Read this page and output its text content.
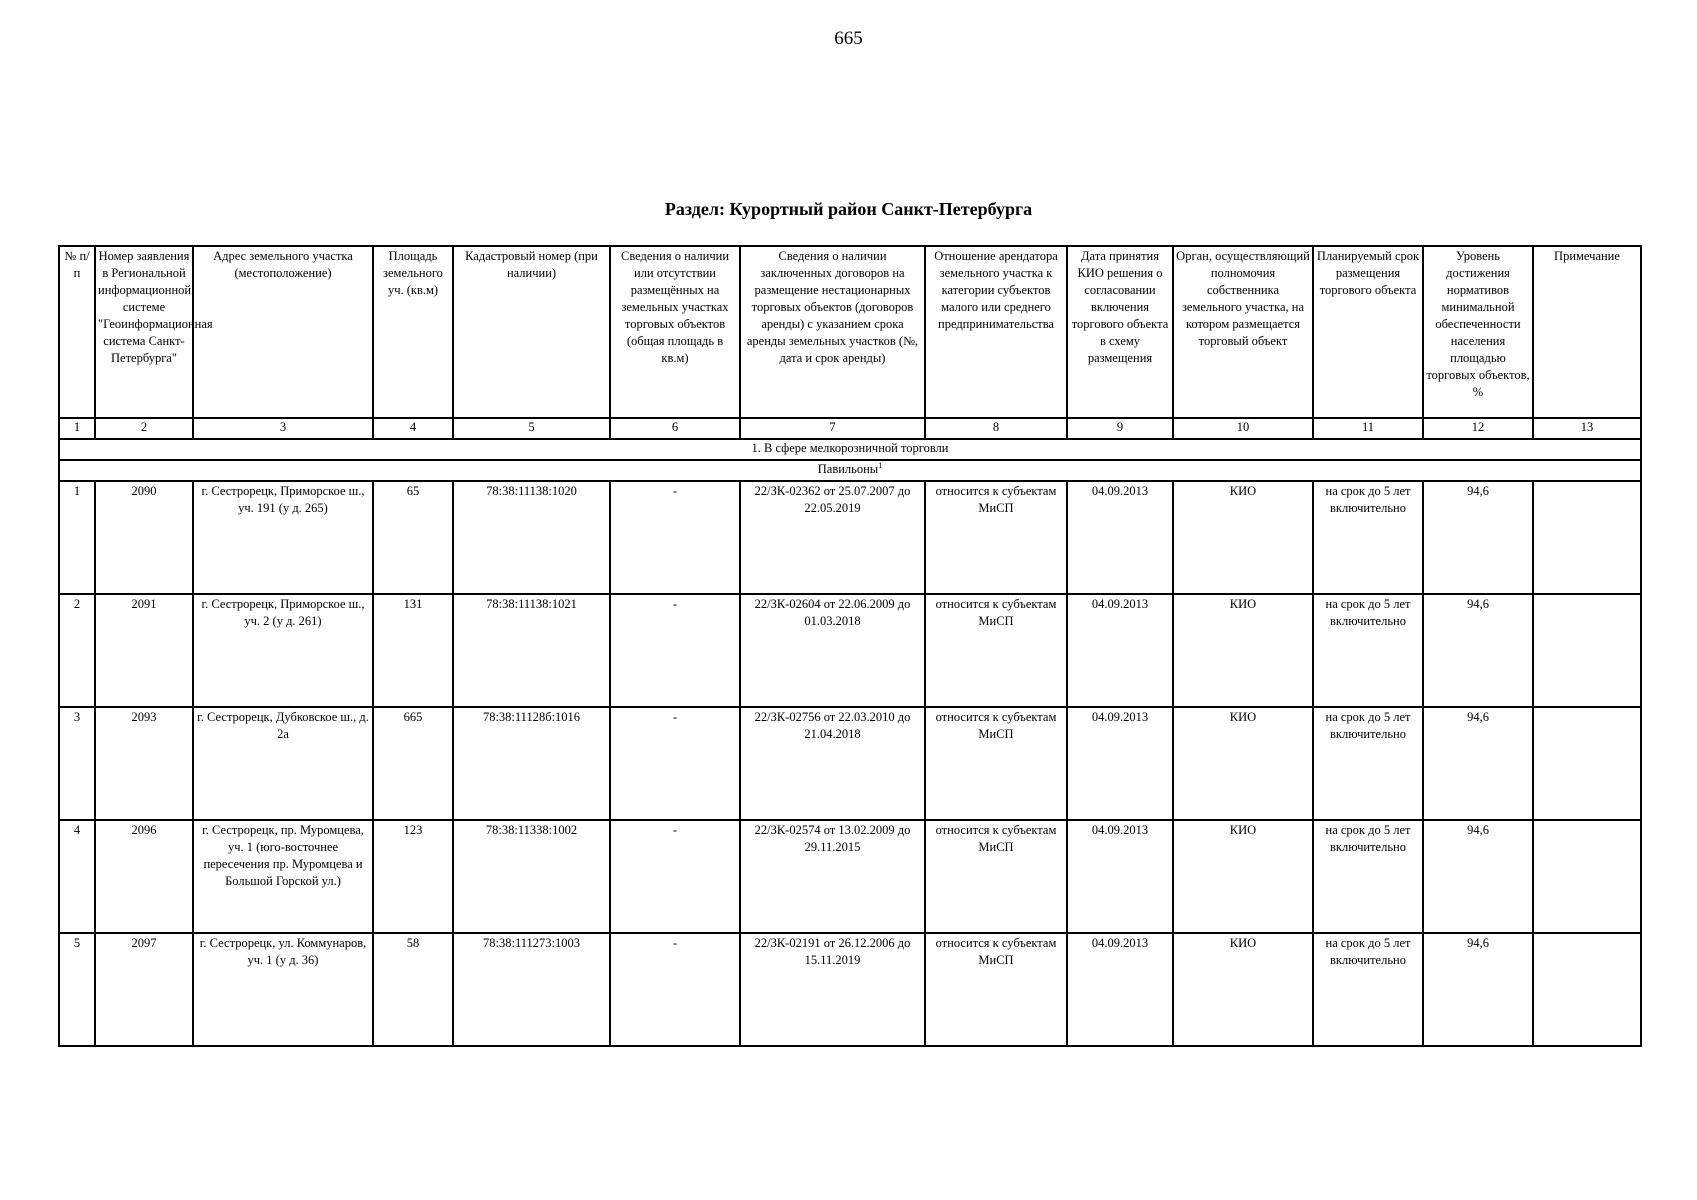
665
Раздел: Курортный район Санкт-Петербурга
№ п/п	Номер заявления в Региональной информационной системе "Геоинформационная система Санкт-Петербурга"	Адрес земельного участка (местоположение)	Площадь земельного уч. (кв.м)	Кадастровый номер (при наличии)	Сведения о наличии или отсутствии размещённых на земельных участках торговых объектов (общая площадь в кв.м)	Сведения о наличии заключенных договоров на размещение нестационарных торговых объектов (договоров аренды) с указанием срока аренды земельных участков (№, дата и срок аренды)	Отношение арендатора земельного участка к категории субъектов малого или среднего предпринимательства	Дата принятия КИО решения о согласовании включения торгового объекта в схему размещения	Орган, осуществляющий полномочия собственника земельного участка, на котором размещается торговый объект	Планируемый срок размещения торгового объекта	Уровень достижения нормативов минимальной обеспеченности населения площадью торговых объектов, %	Примечание
1	2	3	4	5	6	7	8	9	10	11	12	13
1. В сфере мелкорозничной торговли												
Павильоны$^1$
1	2090	г. Сестрорецк, Приморское ш., уч. 191 (у д. 265)	65	78:38:11138:1020	-	22/ЗК-02362 от 25.07.2007 до 22.05.2019	относится к субъектам МиСП	04.09.2013	КИО	на срок до 5 лет включительно	94,6	
2	2091	г. Сестрорецк, Приморское ш., уч. 2 (у д. 261)	131	78:38:11138:1021	-	22/ЗК-02604 от 22.06.2009 до 01.03.2018	относится к субъектам МиСП	04.09.2013	КИО	на срок до 5 лет включительно	94,6	
3	2093	г. Сестрорецк, Дубковское ш., д. 2а	665	78:38:11128б:1016	-	22/ЗК-02756 от 22.03.2010 до 21.04.2018	относится к субъектам МиСП	04.09.2013	КИО	на срок до 5 лет включительно	94,6	
4	2096	г. Сестрорецк, пр. Муромцева, уч. 1 (юго-восточнее пересечения пр. Муромцева и Большой Горской ул.)	123	78:38:11338:1002	-	22/ЗК-02574 от 13.02.2009 до 29.11.2015	относится к субъектам МиСП	04.09.2013	КИО	на срок до 5 лет включительно	94,6	
5	2097	г. Сестрорецк, ул. Коммунаров, уч. 1 (у д. 36)	58	78:38:111273:1003	-	22/ЗК-02191 от 26.12.2006 до 15.11.2019	относится к субъектам МиСП	04.09.2013	КИО	на срок до 5 лет включительно	94,6	
